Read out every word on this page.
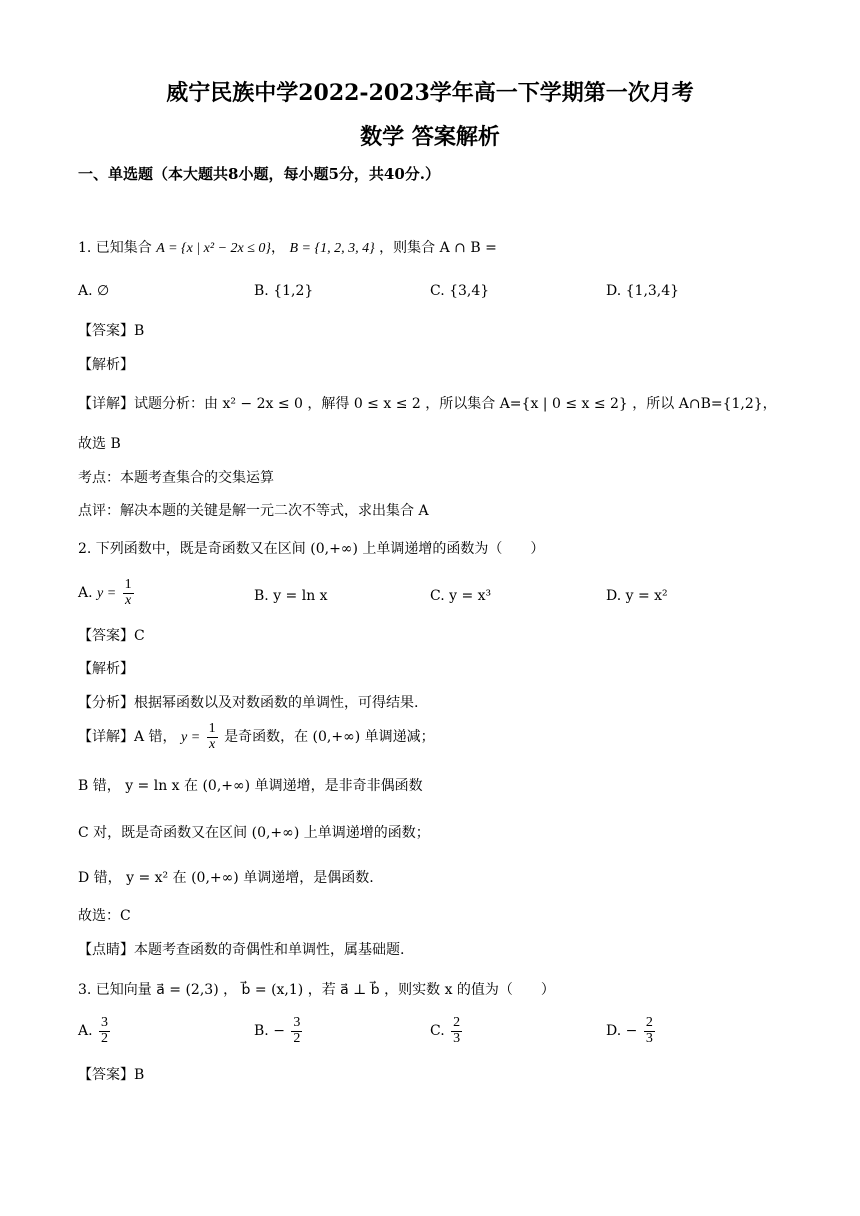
威宁民族中学2022-2023学年高一下学期第一次月考
数学 答案解析
一、单选题（本大题共8小题，每小题5分，共40分.）
1. 已知集合 A = {x | x² − 2x ≤ 0}， B = {1, 2, 3, 4} ，则集合 A ∩ B =
A. ∅	B. {1,2}	C. {3,4}	D. {1,3,4}
【答案】B
【解析】
【详解】试题分析：由 x² − 2x ≤ 0 ，解得 0 ≤ x ≤ 2 ，所以集合 A={x | 0 ≤ x ≤ 2} ，所以 A∩B={1,2}，
故选 B
考点：本题考查集合的交集运算
点评：解决本题的关键是解一元二次不等式，求出集合 A
2. 下列函数中，既是奇函数又在区间 (0,+∞) 上单调递增的函数为（　　）
A. $y = \frac{1}{x}$	B. y = ln x	C. y = x³	D. y = x²
【答案】C
【解析】
【分析】根据幂函数以及对数函数的单调性，可得结果.
【详解】A 错， $y = \frac{1}{x}$ 是奇函数，在 (0,+∞) 单调递减；
B 错， y = ln x 在 (0,+∞) 单调递增，是非奇非偶函数
C 对，既是奇函数又在区间 (0,+∞) 上单调递增的函数；
D 错， y = x² 在 (0,+∞) 单调递增，是偶函数.
故选：C
【点睛】本题考查函数的奇偶性和单调性，属基础题.
3. 已知向量 a⃗ = (2,3) ， b⃗ = (x,1) ，若 a⃗ ⊥ b⃗ ，则实数 x 的值为（　　）
A. $\frac{3}{2}$	B. − $\frac{3}{2}$	C. $\frac{2}{3}$	D. − $\frac{2}{3}$
【答案】B
